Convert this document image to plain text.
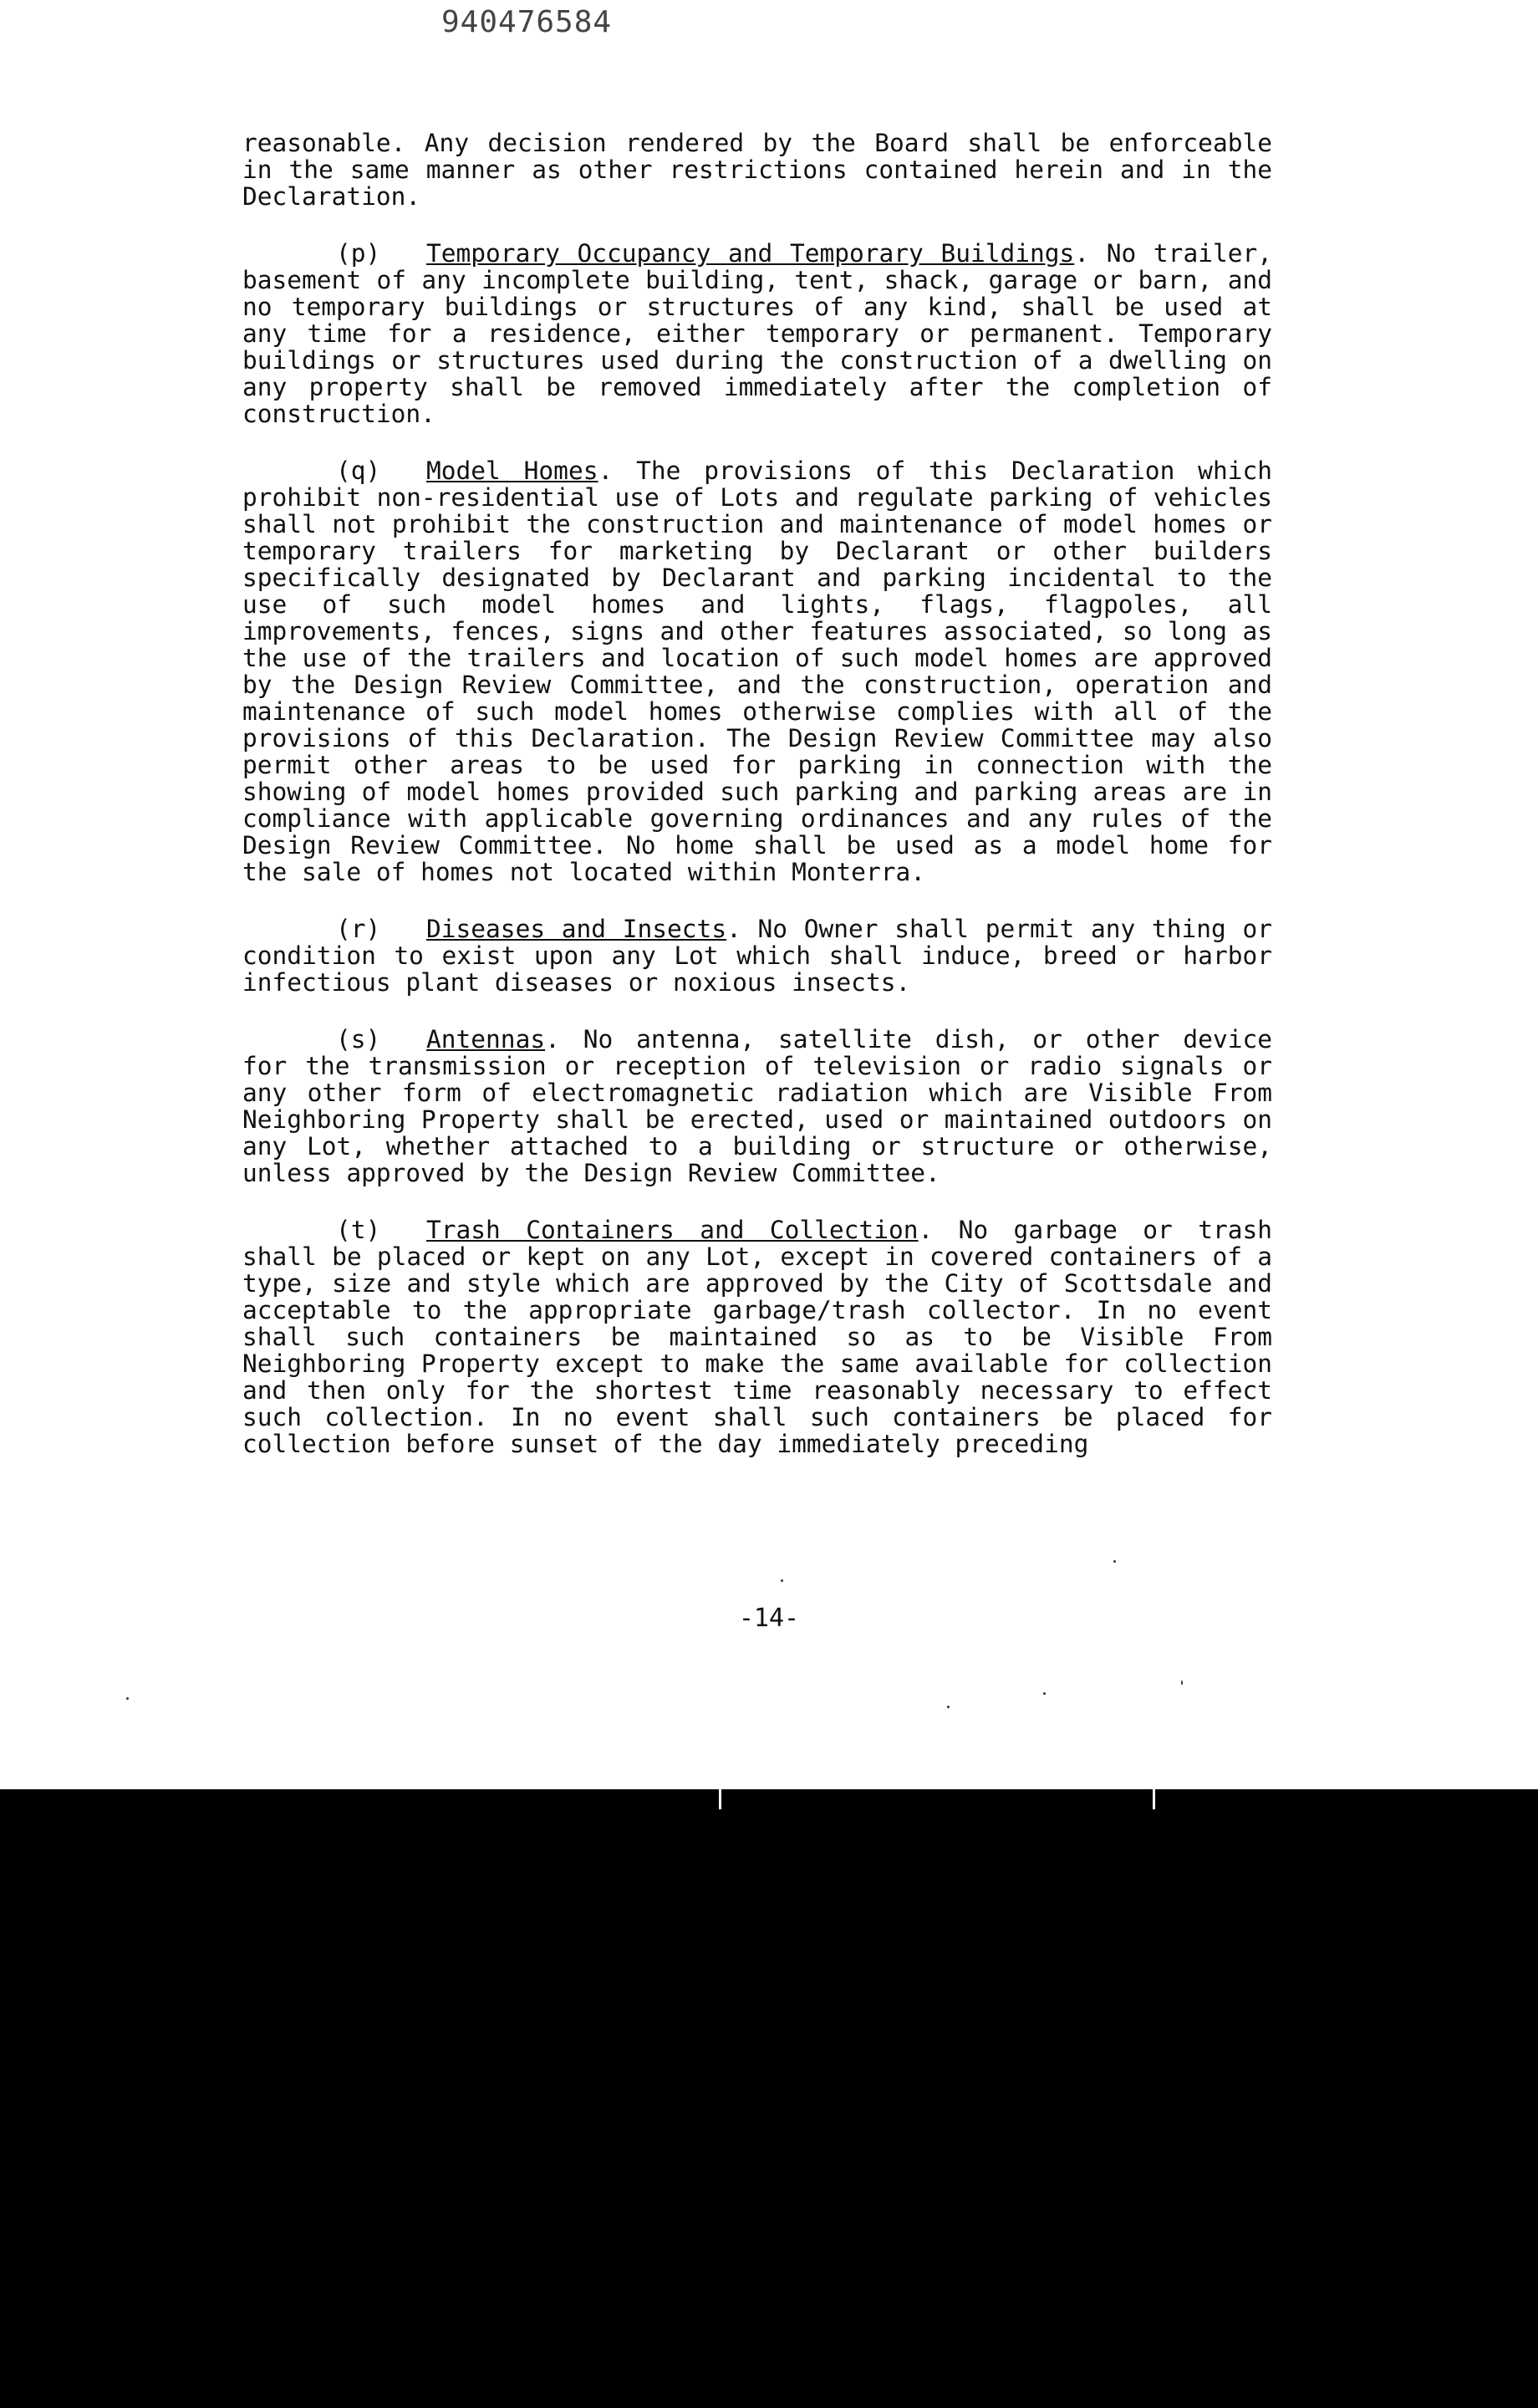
940476584

reasonable. Any decision rendered by the Board shall be enforceable in the same manner as other restrictions contained herein and in the Declaration.

(p) Temporary Occupancy and Temporary Buildings. No trailer, basement of any incomplete building, tent, shack, garage or barn, and no temporary buildings or structures of any kind, shall be used at any time for a residence, either temporary or permanent. Temporary buildings or structures used during the construction of a dwelling on any property shall be removed immediately after the completion of construction.

(q) Model Homes. The provisions of this Declaration which prohibit non-residential use of Lots and regulate parking of vehicles shall not prohibit the construction and maintenance of model homes or temporary trailers for marketing by Declarant or other builders specifically designated by Declarant and parking incidental to the use of such model homes and lights, flags, flagpoles, all improvements, fences, signs and other features associated, so long as the use of the trailers and location of such model homes are approved by the Design Review Committee, and the construction, operation and maintenance of such model homes otherwise complies with all of the provisions of this Declaration. The Design Review Committee may also permit other areas to be used for parking in connection with the showing of model homes provided such parking and parking areas are in compliance with applicable governing ordinances and any rules of the Design Review Committee. No home shall be used as a model home for the sale of homes not located within Monterra.

(r) Diseases and Insects. No Owner shall permit any thing or condition to exist upon any Lot which shall induce, breed or harbor infectious plant diseases or noxious insects.

(s) Antennas. No antenna, satellite dish, or other device for the transmission or reception of television or radio signals or any other form of electromagnetic radiation which are Visible From Neighboring Property shall be erected, used or maintained outdoors on any Lot, whether attached to a building or structure or otherwise, unless approved by the Design Review Committee.

(t) Trash Containers and Collection. No garbage or trash shall be placed or kept on any Lot, except in covered containers of a type, size and style which are approved by the City of Scottsdale and acceptable to the appropriate garbage/trash collector. In no event shall such containers be maintained so as to be Visible From Neighboring Property except to make the same available for collection and then only for the shortest time reasonably necessary to effect such collection. In no event shall such containers be placed for collection before sunset of the day immediately preceding

-14-
